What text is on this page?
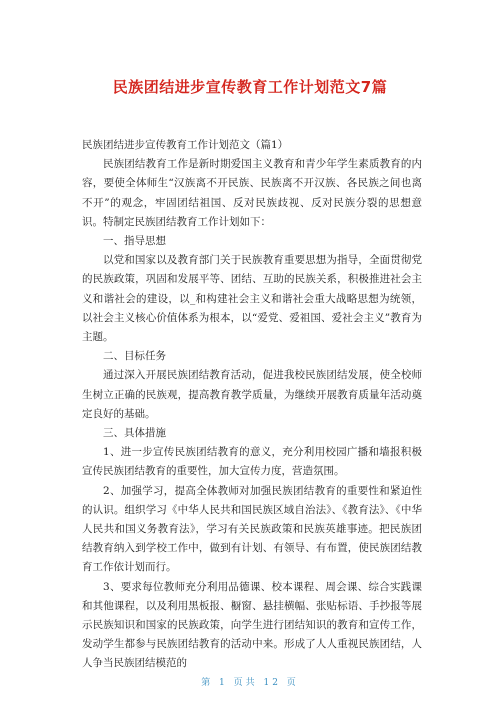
民族团结进步宣传教育工作计划范文7篇

民族团结进步宣传教育工作计划范文（篇1）

民族团结教育工作是新时期爱国主义教育和青少年学生素质教育的内容，要使全体师生“汉族离不开民族、民族离不开汉族、各民族之间也离不开”的观念，牢固团结祖国、反对民族歧视、反对民族分裂的思想意识。特制定民族团结教育工作计划如下：

一、指导思想

以党和国家以及教育部门关于民族教育重要思想为指导，全面贯彻党的民族政策，巩固和发展平等、团结、互助的民族关系，积极推进社会主义和谐社会的建设，以_和构建社会主义和谐社会重大战略思想为统领，以社会主义核心价值体系为根本，以“爱党、爱祖国、爱社会主义”教育为主题。

二、目标任务

通过深入开展民族团结教育活动，促进我校民族团结发展，使全校师生树立正确的民族观，提高教育教学质量，为继续开展教育质量年活动奠定良好的基础。

三、具体措施

1、进一步宣传民族团结教育的意义，充分利用校园广播和墙报积极宣传民族团结教育的重要性，加大宣传力度，营造氛围。

2、加强学习，提高全体教师对加强民族团结教育的重要性和紧迫性的认识。组织学习《中华人民共和国民族区域自治法》、《教育法》、《中华人民共和国义务教育法》，学习有关民族政策和民族英雄事迹。把民族团结教育纳入到学校工作中，做到有计划、有领导、有布置，使民族团结教育工作依计划而行。

3、要求每位教师充分利用品德课、校本课程、周会课、综合实践课和其他课程，以及利用黑板报、橱窗、悬挂横幅、张贴标语、手抄报等展示民族知识和国家的民族政策，向学生进行团结知识的教育和宣传工作，发动学生都参与民族团结教育的活动中来。形成了人人重视民族团结，人人争当民族团结模范的

第 1 页共 12 页
